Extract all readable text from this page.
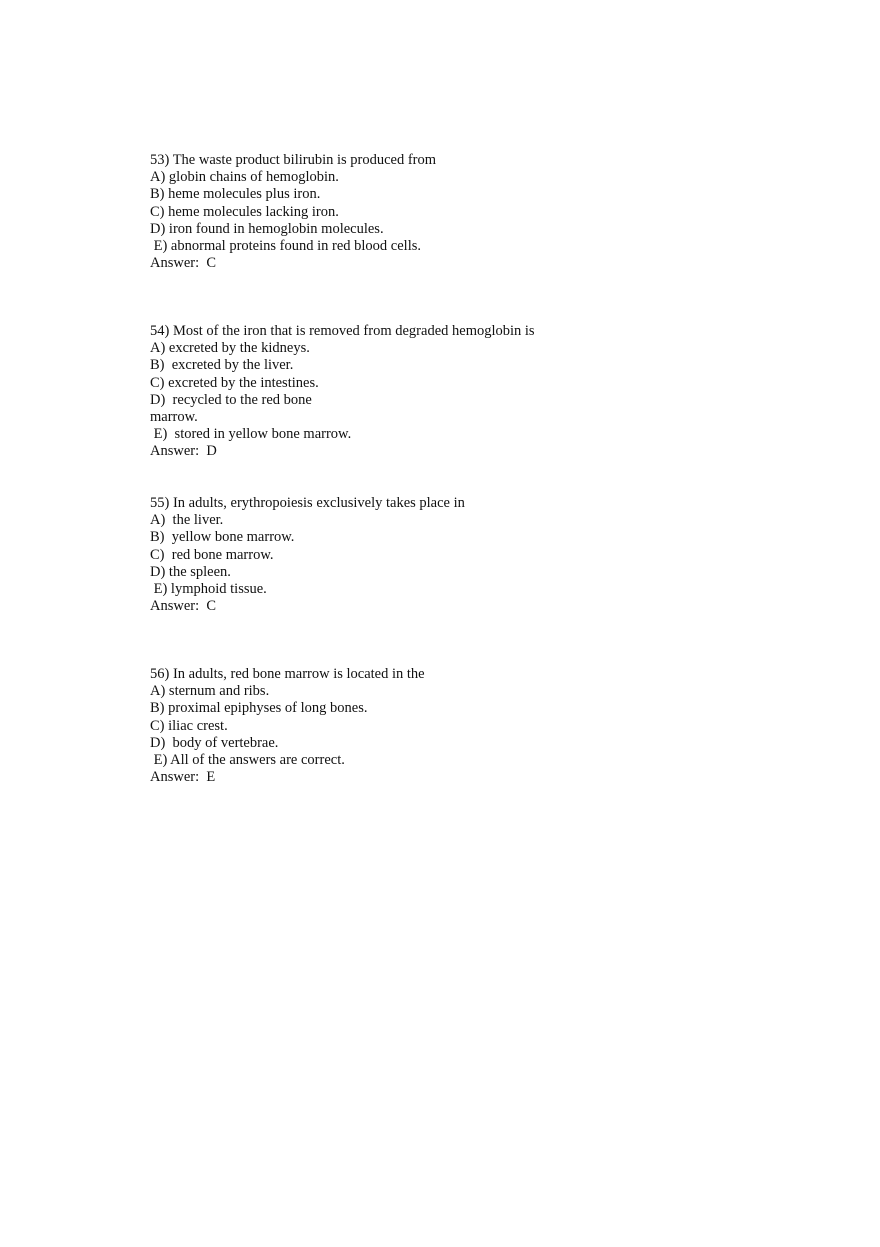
53) The waste product bilirubin is produced from
A) globin chains of hemoglobin.
B) heme molecules plus iron.
C) heme molecules lacking iron.
D) iron found in hemoglobin molecules.
E) abnormal proteins found in red blood cells.
Answer:  C
54) Most of the iron that is removed from degraded hemoglobin is
A) excreted by the kidneys.
B)  excreted by the liver.
C) excreted by the intestines.
D)  recycled to the red bone
marrow.
E)  stored in yellow bone marrow.
Answer:  D
55) In adults, erythropoiesis exclusively takes place in
A)  the liver.
B)  yellow bone marrow.
C)  red bone marrow.
D) the spleen.
E) lymphoid tissue.
Answer:  C
56) In adults, red bone marrow is located in the
A) sternum and ribs.
B) proximal epiphyses of long bones.
C) iliac crest.
D)  body of vertebrae.
E) All of the answers are correct.
Answer:  E
